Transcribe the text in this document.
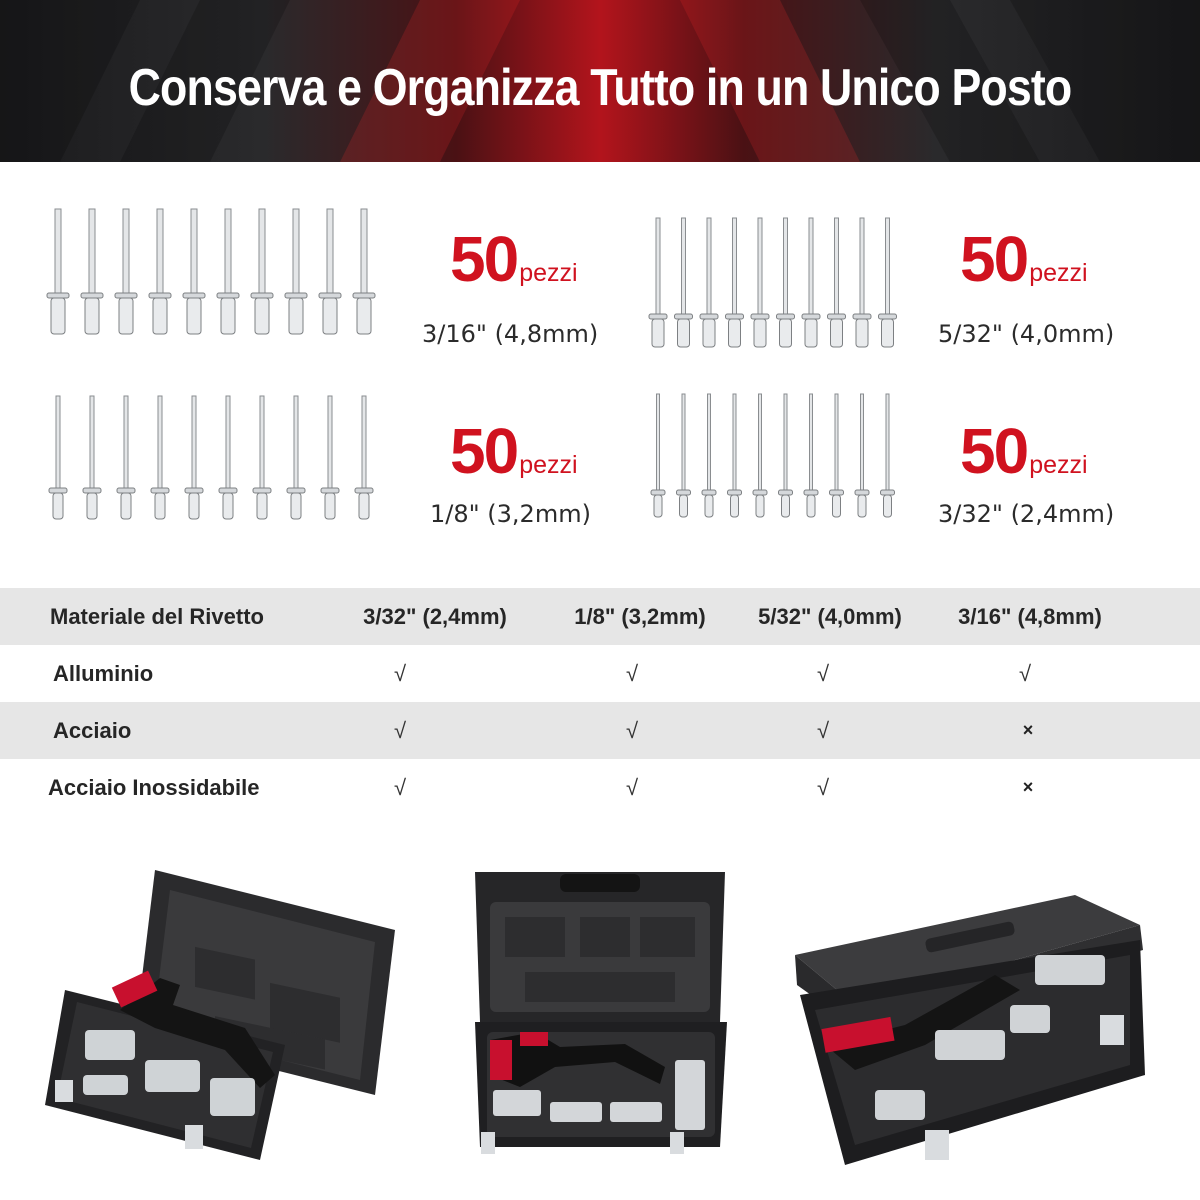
Conserva e Organizza Tutto in un Unico Posto
50pezzi
3/16" (4,8mm)
50pezzi
5/32" (4,0mm)
50pezzi
1/8" (3,2mm)
50pezzi
3/32" (2,4mm)
Materiale del Rivetto	3/32" (2,4mm)	1/8" (3,2mm)	5/32" (4,0mm)	3/16" (4,8mm)
Alluminio	√	√	√	√
Acciaio	√	√	√	×
Acciaio Inossidabile	√	√	√	×
